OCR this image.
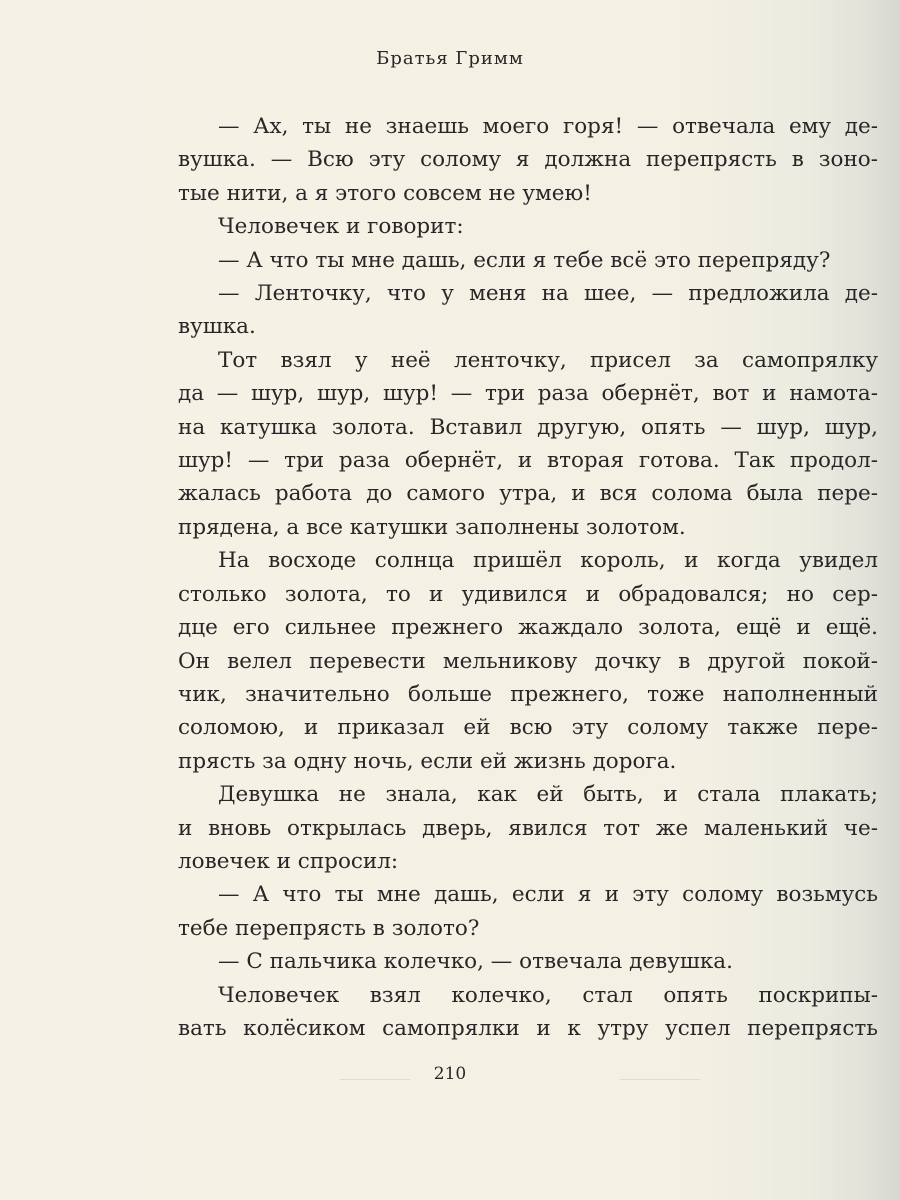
Братья Гримм
— Ах, ты не знаешь моего горя! — отвечала ему де-
вушка. — Всю эту солому я должна перепрясть в зоно-
тые нити, а я этого совсем не умею!
Человечек и говорит:
— А что ты мне дашь, если я тебе всё это перепряду?
— Ленточку, что у меня на шее, — предложила де-
вушка.
Тот взял у неё ленточку, присел за самопрялку
да — шур, шур, шур! — три раза обернёт, вот и намота-
на катушка золота. Вставил другую, опять — шур, шур,
шур! — три раза обернёт, и вторая готова. Так продол-
жалась работа до самого утра, и вся солома была пере-
прядена, а все катушки заполнены золотом.
На восходе солнца пришёл король, и когда увидел
столько золота, то и удивился и обрадовался; но сер-
дце его сильнее прежнего жаждало золота, ещё и ещё.
Он велел перевести мельникову дочку в другой покой-
чик, значительно больше прежнего, тоже наполненный
соломою, и приказал ей всю эту солому также пере-
прясть за одну ночь, если ей жизнь дорога.
Девушка не знала, как ей быть, и стала плакать;
и вновь открылась дверь, явился тот же маленький че-
ловечек и спросил:
— А что ты мне дашь, если я и эту солому возьмусь
тебе перепрясть в золото?
— С пальчика колечко, — отвечала девушка.
Человечек взял колечко, стал опять поскрипы-
вать колёсиком самопрялки и к утру успел перепрясть
210
